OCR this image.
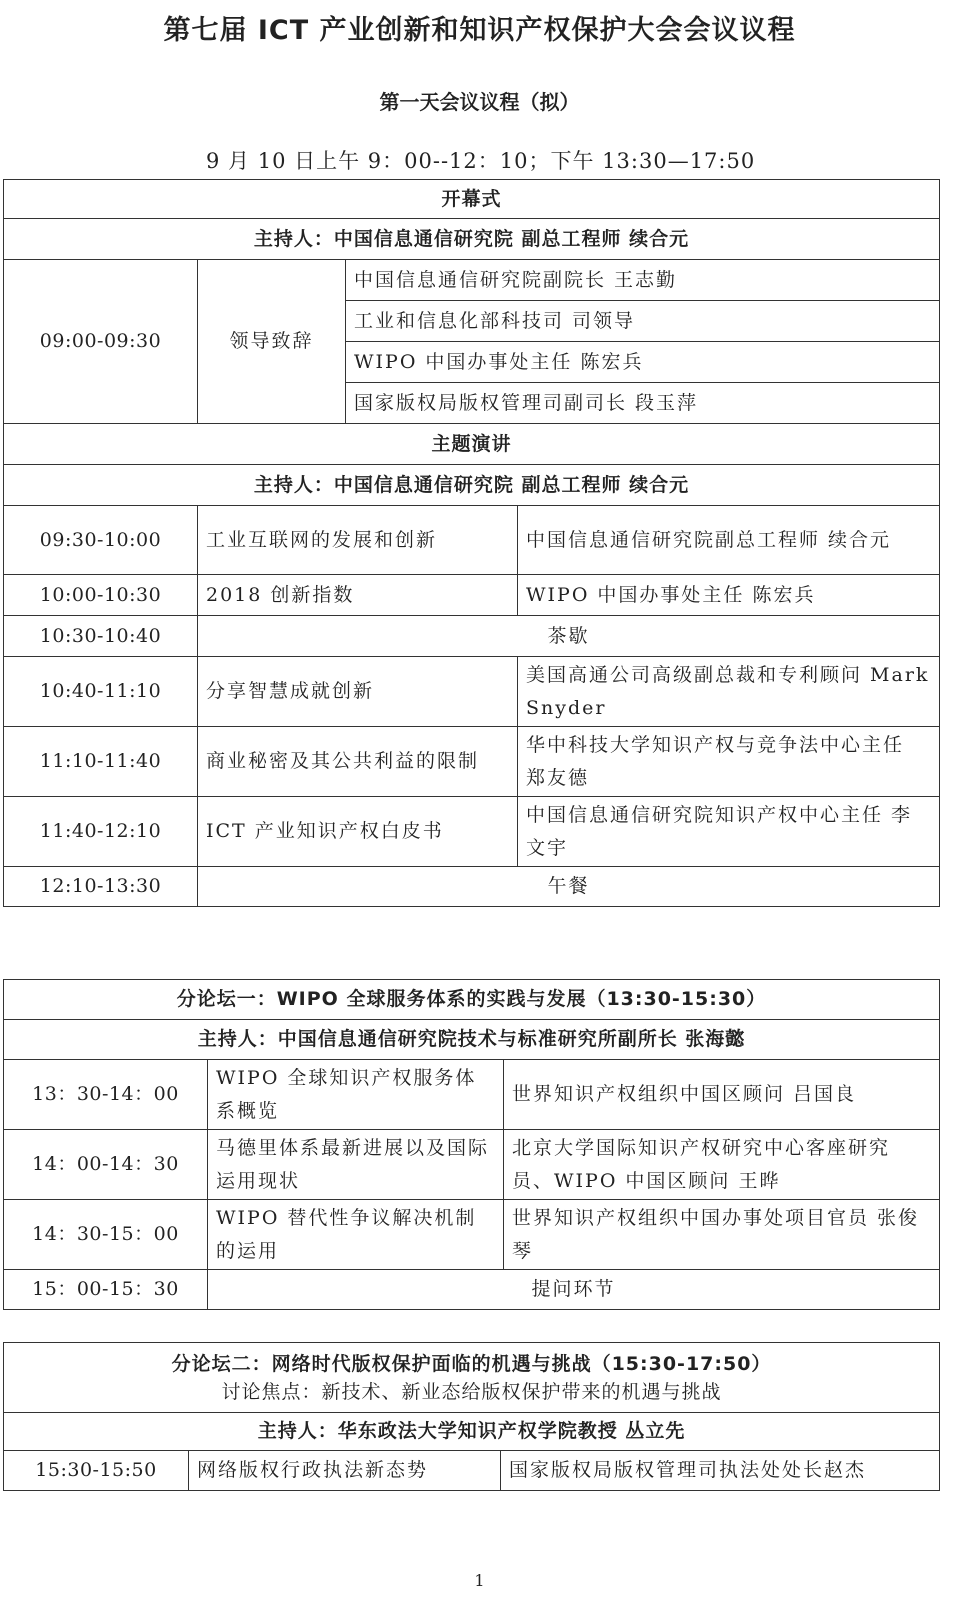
第七届 ICT 产业创新和知识产权保护大会会议议程
第一天会议议程（拟）
9 月 10 日上午 9：00--12：10；下午 13:30—17:50
开幕式			
主持人：中国信息通信研究院 副总工程师 续合元			
09:00-09:30	领导致辞	中国信息通信研究院副院长 王志勤	
		工业和信息化部科技司 司领导	
		WIPO 中国办事处主任 陈宏兵	
		国家版权局版权管理司副司长 段玉萍	
主题演讲			
主持人：中国信息通信研究院 副总工程师 续合元			
09:30-10:00	工业互联网的发展和创新		中国信息通信研究院副总工程师 续合元
10:00-10:30	2018 创新指数		WIPO 中国办事处主任 陈宏兵
10:30-10:40	茶歇		
10:40-11:10	分享智慧成就创新		美国高通公司高级副总裁和专利顾问 Mark Snyder
11:10-11:40	商业秘密及其公共利益的限制		华中科技大学知识产权与竞争法中心主任 郑友德
11:40-12:10	ICT 产业知识产权白皮书		中国信息通信研究院知识产权中心主任 李文宇
12:10-13:30	午餐		
分论坛一：WIPO 全球服务体系的实践与发展（13:30-15:30）		
主持人：中国信息通信研究院技术与标准研究所副所长 张海懿		
13：30-14：00	WIPO 全球知识产权服务体系概览	世界知识产权组织中国区顾问 吕国良
14：00-14：30	马德里体系最新进展以及国际运用现状	北京大学国际知识产权研究中心客座研究员、WIPO 中国区顾问 王晔
14：30-15：00	WIPO 替代性争议解决机制的运用	世界知识产权组织中国办事处项目官员 张俊琴
15：00-15：30	提问环节	
分论坛二：网络时代版权保护面临的机遇与挑战（15:30-17:50）
讨论焦点：新技术、新业态给版权保护带来的机遇与挑战

主持人：华东政法大学知识产权学院教授 丛立先
15:30-15:50	网络版权行政执法新态势	国家版权局版权管理司执法处处长赵杰
1
